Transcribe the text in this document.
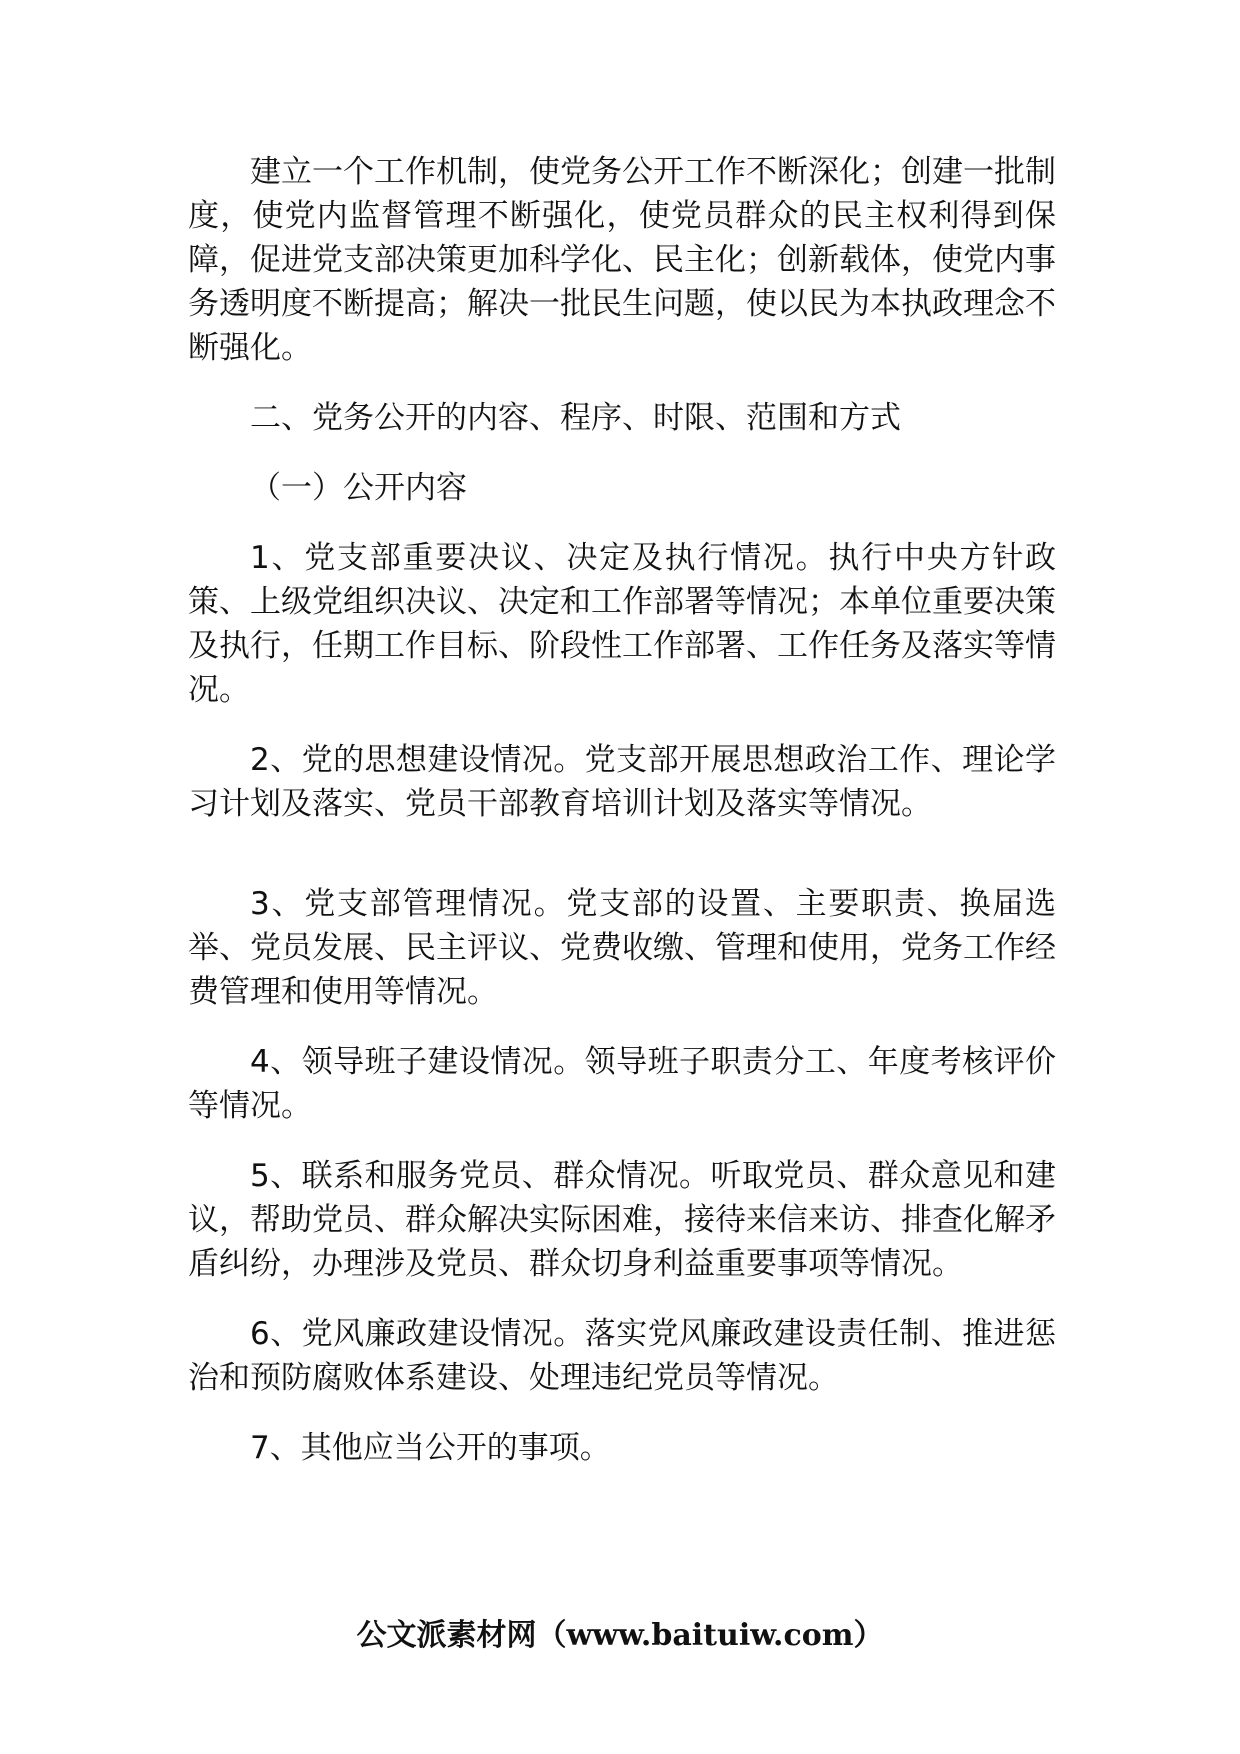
建立一个工作机制，使党务公开工作不断深化；创建一批制度，使党内监督管理不断强化，使党员群众的民主权利得到保障，促进党支部决策更加科学化、民主化；创新载体，使党内事务透明度不断提高；解决一批民生问题，使以民为本执政理念不断强化。

二、党务公开的内容、程序、时限、范围和方式

（一）公开内容

1、党支部重要决议、决定及执行情况。执行中央方针政策、上级党组织决议、决定和工作部署等情况；本单位重要决策及执行，任期工作目标、阶段性工作部署、工作任务及落实等情况。

2、党的思想建设情况。党支部开展思想政治工作、理论学习计划及落实、党员干部教育培训计划及落实等情况。

3、党支部管理情况。党支部的设置、主要职责、换届选举、党员发展、民主评议、党费收缴、管理和使用，党务工作经费管理和使用等情况。

4、领导班子建设情况。领导班子职责分工、年度考核评价等情况。

5、联系和服务党员、群众情况。听取党员、群众意见和建议，帮助党员、群众解决实际困难，接待来信来访、排查化解矛盾纠纷，办理涉及党员、群众切身利益重要事项等情况。

6、党风廉政建设情况。落实党风廉政建设责任制、推进惩治和预防腐败体系建设、处理违纪党员等情况。

7、其他应当公开的事项。

公文派素材网（www.baituiw.com）
